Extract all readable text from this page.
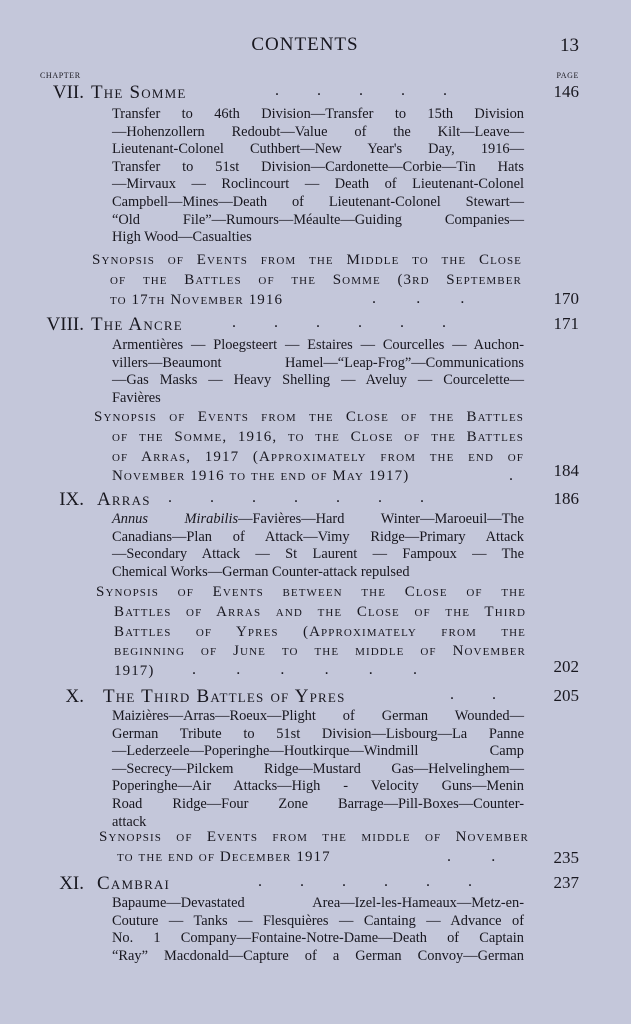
CONTENTS	13
CHAPTER	PAGE
VII. The Somme	. . . . .	146
Transfer to 46th Division—Transfer to 15th Division
—Hohenzollern Redoubt—Value of the Kilt—Leave—
Lieutenant-Colonel Cuthbert—New Year's Day, 1916—
Transfer to 51st Division—Cardonette—Corbie—Tin Hats
—Mirvaux — Roclincourt — Death of Lieutenant-Colonel
Campbell—Mines—Death of Lieutenant-Colonel Stewart—
“Old File”—Rumours—Méaulte—Guiding Companies—
High Wood—Casualties
Synopsis of Events from the Middle to the Close
of the Battles of the Somme (3rd September
to 17th November 1916	. . .	170
VIII. The Ancre	. . . . . .	171
Armentières — Ploegsteert — Estaires — Courcelles — Auchon-
villers—Beaumont Hamel—“Leap-Frog”—Communications
—Gas Masks — Heavy Shelling — Aveluy — Courcelette—
Favières
Synopsis of Events from the Close of the Battles
of the Somme, 1916, to the Close of the Battles
of Arras, 1917 (Approximately from the end of
November 1916 to the end of May 1917)	. 184
IX. Arras . . . . . . .	186
Annus Mirabilis—Favières—Hard Winter—Maroeuil—The
Canadians—Plan of Attack—Vimy Ridge—Primary Attack
—Secondary Attack — St Laurent — Fampoux — The
Chemical Works—German Counter-attack repulsed
Synopsis of Events between the Close of the
Battles of Arras and the Close of the Third
Battles of Ypres (Approximately from the
beginning of June to the middle of November
1917)	. . . . . .	202
X. The Third Battles of Ypres	. .	205
Maizières—Arras—Roeux—Plight of German Wounded—
German Tribute to 51st Division—Lisbourg—La Panne
—Lederzeele—Poperinghe—Houtkirque—Windmill Camp
—Secrecy—Pilckem Ridge—Mustard Gas—Helvelinghem—
Poperinghe—Air Attacks—High - Velocity Guns—Menin
Road Ridge—Four Zone Barrage—Pill-Boxes—Counter-
attack
Synopsis of Events from the middle of November
to the end of December 1917	. .	235
XI. Cambrai	. . . . . .	237
Bapaume—Devastated Area—Izel-les-Hameaux—Metz-en-
Couture — Tanks — Flesquières — Cantaing — Advance of
No. 1 Company—Fontaine-Notre-Dame—Death of Captain
“Ray” Macdonald—Capture of a German Convoy—German
